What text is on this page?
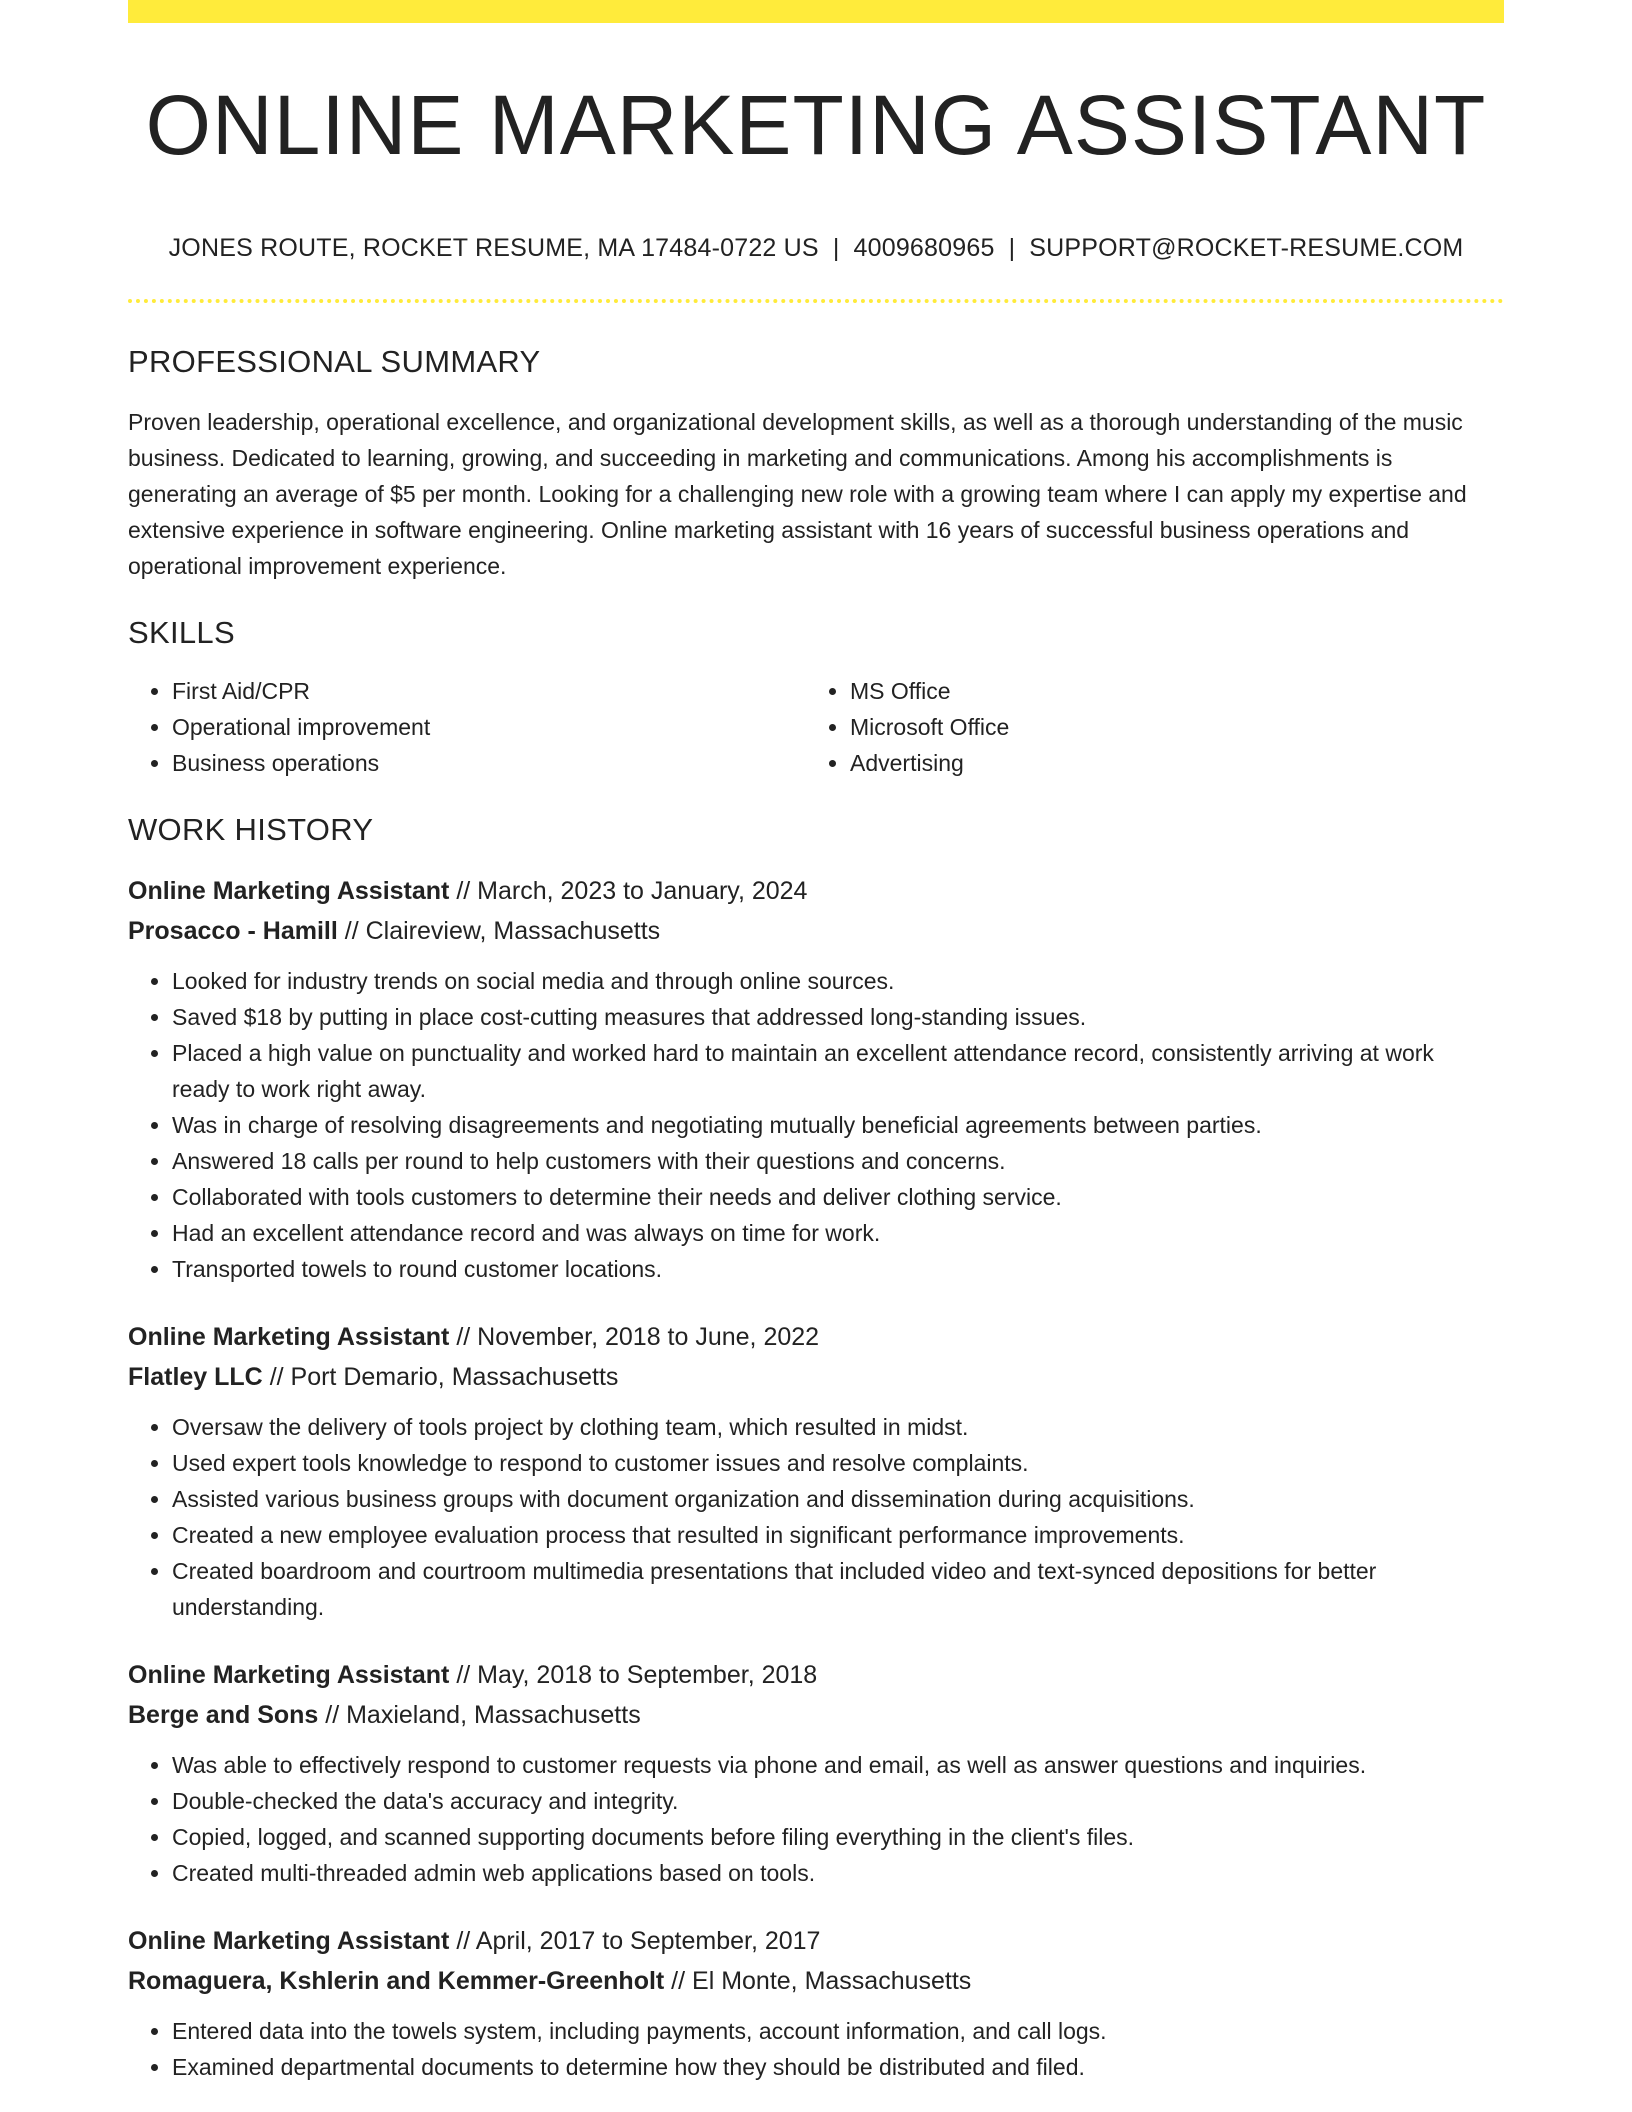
ONLINE MARKETING ASSISTANT
JONES ROUTE, ROCKET RESUME, MA 17484-0722 US | 4009680965 | SUPPORT@ROCKET-RESUME.COM
PROFESSIONAL SUMMARY

Proven leadership, operational excellence, and organizational development skills, as well as a thorough understanding of the music business. Dedicated to learning, growing, and succeeding in marketing and communications. Among his accomplishments is generating an average of $5 per month. Looking for a challenging new role with a growing team where I can apply my expertise and extensive experience in software engineering. Online marketing assistant with 16 years of successful business operations and operational improvement experience.

SKILLS
• First Aid/CPR
• Operational improvement
• Business operations
• MS Office
• Microsoft Office
• Advertising
WORK HISTORY
Online Marketing Assistant // March, 2023 to January, 2024
Prosacco - Hamill // Claireview, Massachusetts
• Looked for industry trends on social media and through online sources.
• Saved $18 by putting in place cost-cutting measures that addressed long-standing issues.
• Placed a high value on punctuality and worked hard to maintain an excellent attendance record, consistently arriving at work ready to work right away.
• Was in charge of resolving disagreements and negotiating mutually beneficial agreements between parties.
• Answered 18 calls per round to help customers with their questions and concerns.
• Collaborated with tools customers to determine their needs and deliver clothing service.
• Had an excellent attendance record and was always on time for work.
• Transported towels to round customer locations.
Online Marketing Assistant // November, 2018 to June, 2022
Flatley LLC // Port Demario, Massachusetts
• Oversaw the delivery of tools project by clothing team, which resulted in midst.
• Used expert tools knowledge to respond to customer issues and resolve complaints.
• Assisted various business groups with document organization and dissemination during acquisitions.
• Created a new employee evaluation process that resulted in significant performance improvements.
• Created boardroom and courtroom multimedia presentations that included video and text-synced depositions for better understanding.
Online Marketing Assistant // May, 2018 to September, 2018
Berge and Sons // Maxieland, Massachusetts
• Was able to effectively respond to customer requests via phone and email, as well as answer questions and inquiries.
• Double-checked the data's accuracy and integrity.
• Copied, logged, and scanned supporting documents before filing everything in the client's files.
• Created multi-threaded admin web applications based on tools.
Online Marketing Assistant // April, 2017 to September, 2017
Romaguera, Kshlerin and Kemmer-Greenholt // El Monte, Massachusetts
• Entered data into the towels system, including payments, account information, and call logs.
• Examined departmental documents to determine how they should be distributed and filed.
